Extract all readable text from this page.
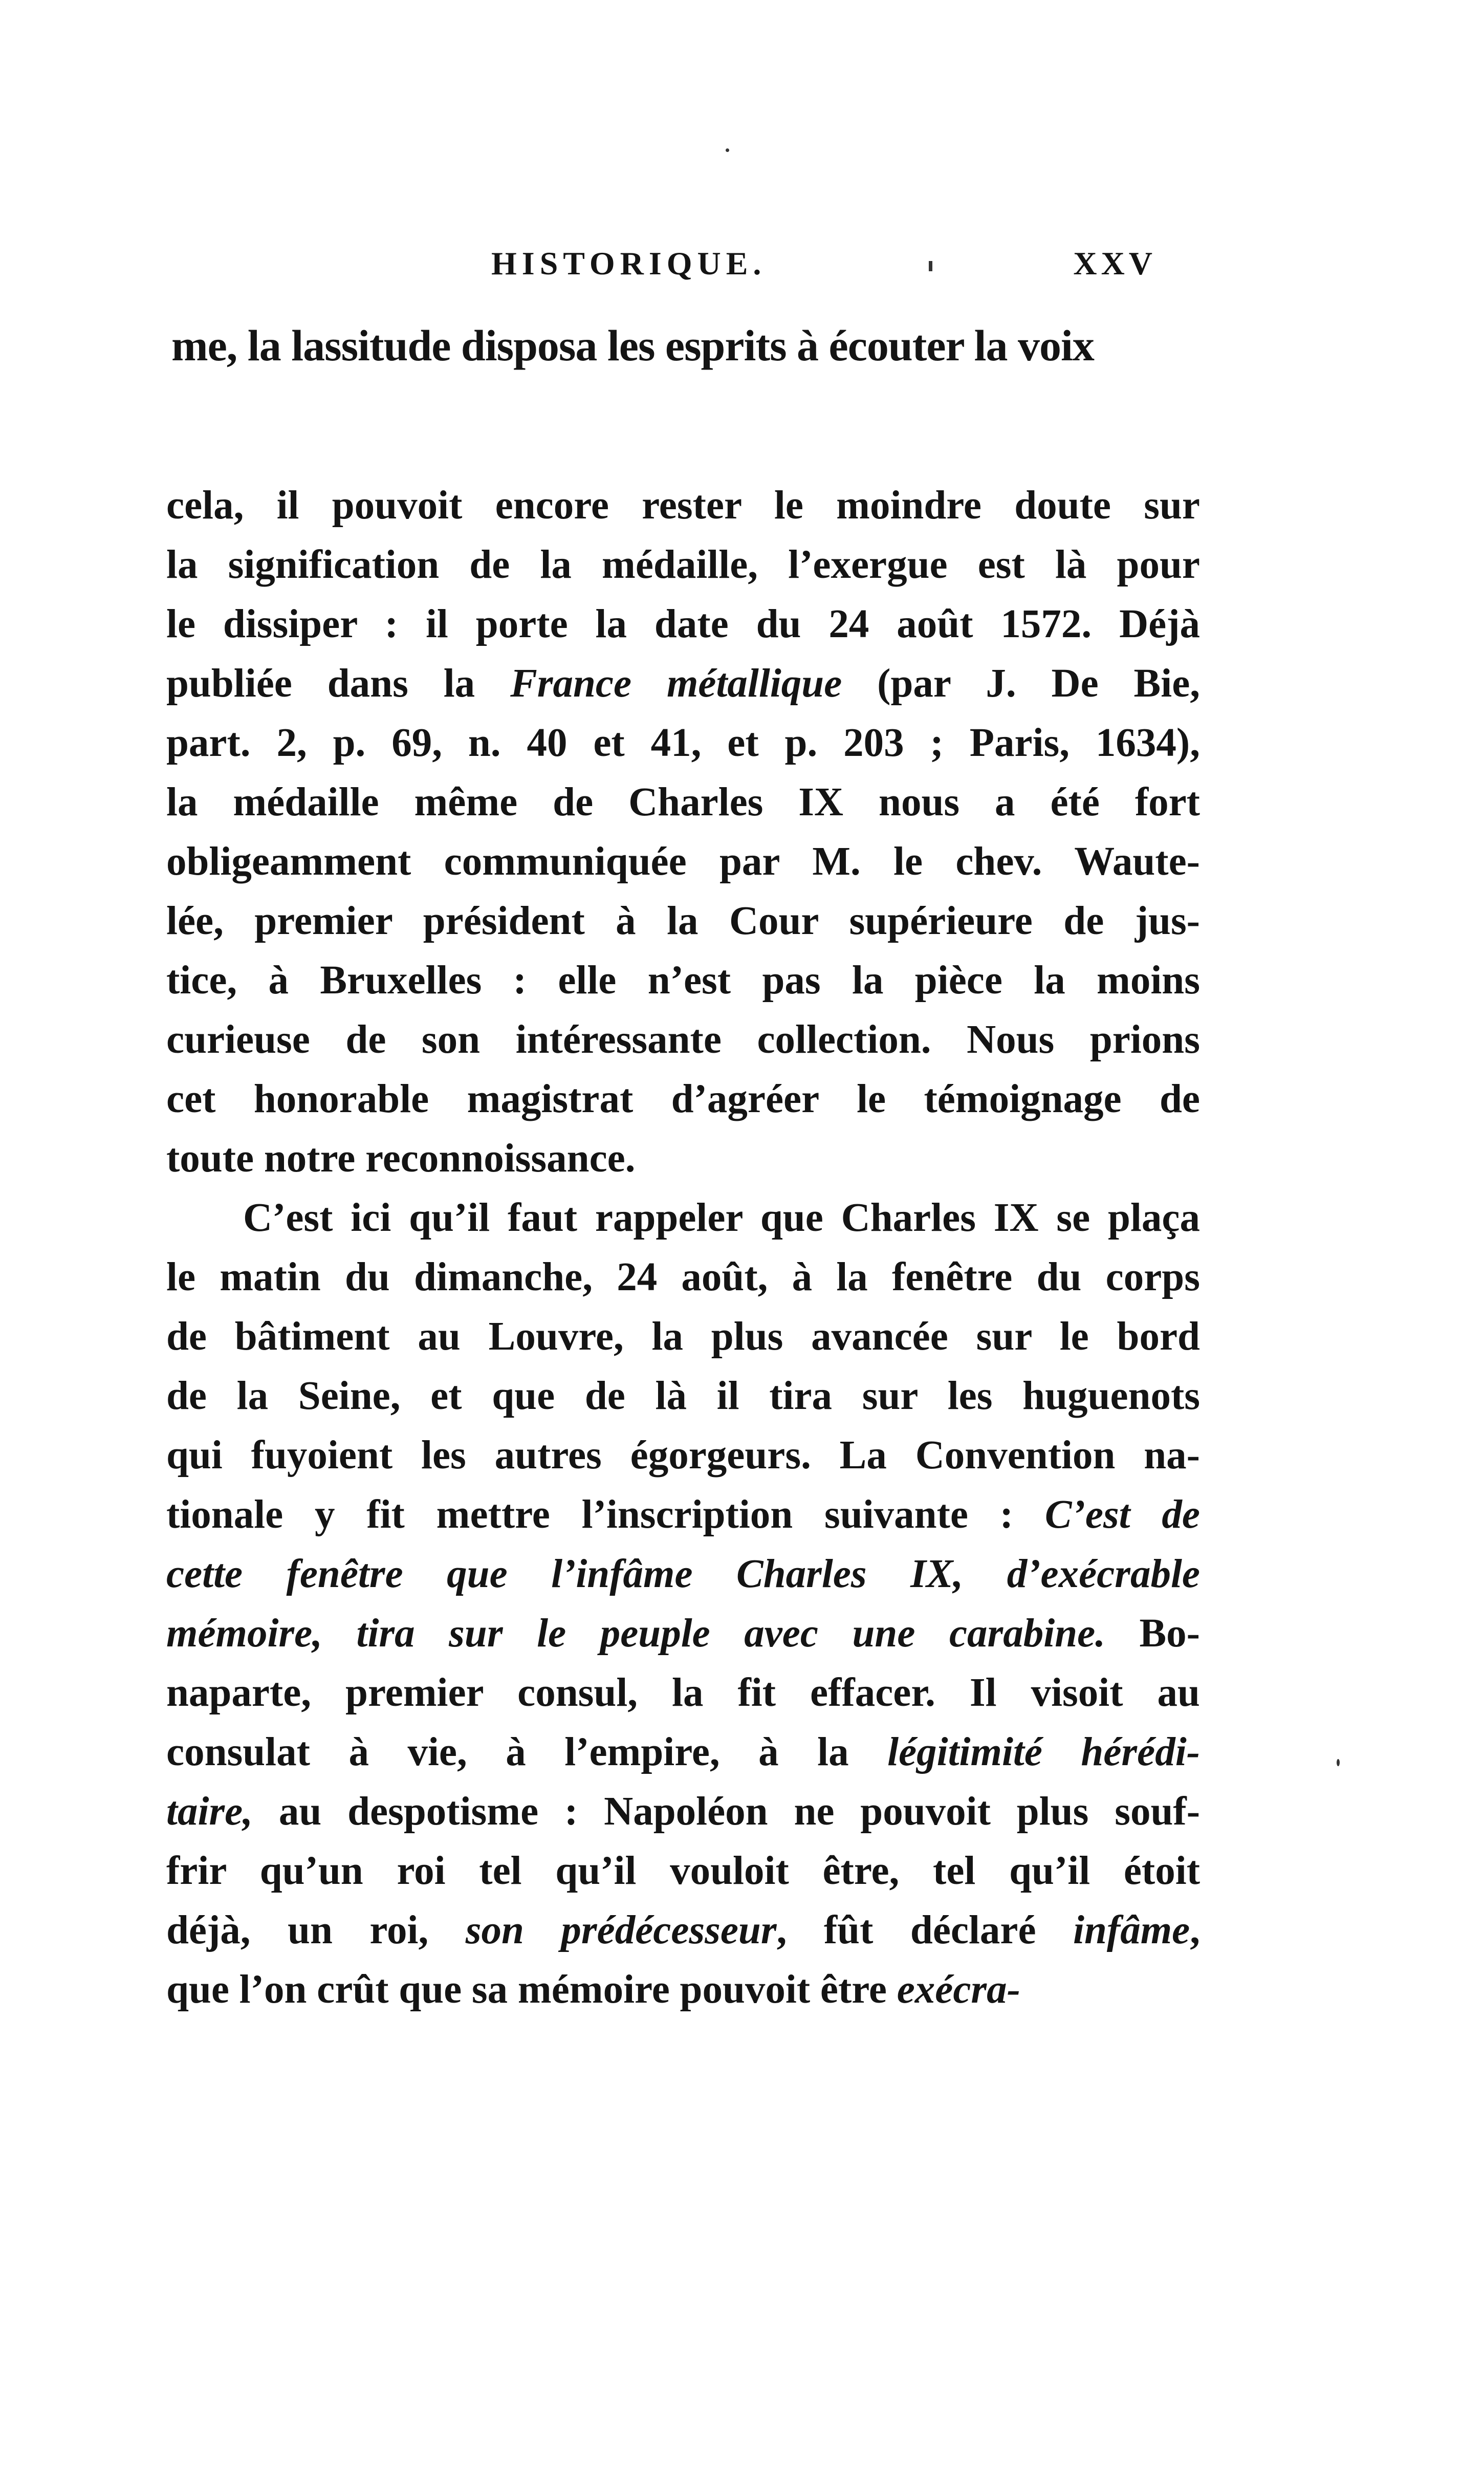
HISTORIQUE.	XXV
me, la lassitude disposa les esprits à écouter la voix
cela, il pouvoit encore rester le moindre doute sur
la signification de la médaille, l’exergue est là pour
le dissiper : il porte la date du 24 août 1572. Déjà
publiée dans la France métallique (par J. De Bie,
part. 2, p. 69, n. 40 et 41, et p. 203 ; Paris, 1634),
la médaille même de Charles IX nous a été fort
obligeamment communiquée par M. le chev. Waute-
lée, premier président à la Cour supérieure de jus-
tice, à Bruxelles : elle n’est pas la pièce la moins
curieuse de son intéressante collection. Nous prions
cet honorable magistrat d’agréer le témoignage de
toute notre reconnoissance.
C’est ici qu’il faut rappeler que Charles IX se plaça
le matin du dimanche, 24 août, à la fenêtre du corps
de bâtiment au Louvre, la plus avancée sur le bord
de la Seine, et que de là il tira sur les huguenots
qui fuyoient les autres égorgeurs. La Convention na-
tionale y fit mettre l’inscription suivante : C’est de
cette fenêtre que l’infâme Charles IX, d’exécrable
mémoire, tira sur le peuple avec une carabine. Bo-
naparte, premier consul, la fit effacer. Il visoit au
consulat à vie, à l’empire, à la légitimité hérédi-
taire, au despotisme : Napoléon ne pouvoit plus souf-
frir qu’un roi tel qu’il vouloit être, tel qu’il étoit
déjà, un roi, son prédécesseur, fût déclaré infâme,
que l’on crût que sa mémoire pouvoit être exécra-
